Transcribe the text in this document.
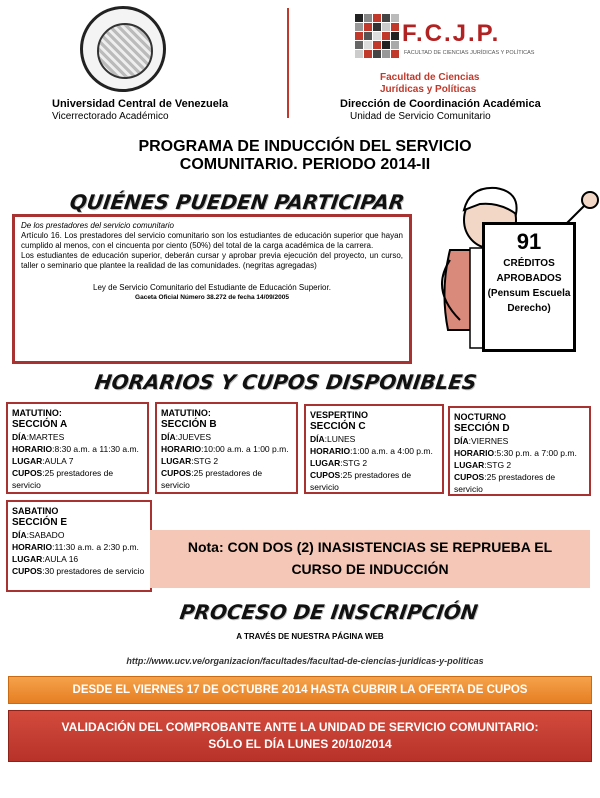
Universidad Central de Venezuela
Vicerrectorado Académico
F.C.J.P.
FACULTAD DE CIENCIAS JURÍDICAS Y POLÍTICAS
Facultad de Ciencias
Jurídicas y Políticas
Dirección de Coordinación Académica
Unidad de Servicio Comunitario
PROGRAMA DE INDUCCIÓN DEL SERVICIO
COMUNITARIO. PERIODO 2014-II
QUIÉNES PUEDEN PARTICIPAR

De los prestadores del servicio comunitario

Artículo 16. Los prestadores del servicio comunitario son los estudiantes de educación superior que hayan cumplido al menos, con el cincuenta por ciento (50%) del total de la carga académica de la carrera.

Los estudiantes de educación superior, deberán cursar y aprobar previa ejecución del proyecto, un curso, taller o seminario que plantee la realidad de las comunidades. (negritas agregadas)

Ley de Servicio Comunitario del Estudiante de Educación Superior.

Gaceta Oficial Número 38.272 de fecha 14/09/2005

91
CRÉDITOS
APROBADOS
(Pensum Escuela
Derecho)
HORARIOS Y CUPOS DISPONIBLES
MATUTINO:
SECCIÓN A
DÍA:MARTES
HORARIO:8:30 a.m. a 11:30 a.m.
LUGAR:AULA 7
CUPOS:25 prestadores de servicio
MATUTINO:
SECCIÓN B
DÍA:JUEVES
HORARIO:10:00 a.m. a 1:00 p.m.
LUGAR:STG 2
CUPOS:25 prestadores de servicio
VESPERTINO
SECCIÓN C
DÍA:LUNES
HORARIO:1:00 a.m. a 4:00 p.m.
LUGAR:STG 2
CUPOS:25 prestadores de servicio
NOCTURNO
SECCIÓN D
DÍA:VIERNES
HORARIO:5:30 p.m. a 7:00 p.m.
LUGAR:STG 2
CUPOS:25 prestadores de servicio
SABATINO
SECCIÓN E
DÍA:SABADO
HORARIO:11:30 a.m. a 2:30 p.m.
LUGAR:AULA 16
CUPOS:30 prestadores de servicio
Nota: CON DOS (2) INASISTENCIAS SE REPRUEBA EL
CURSO DE INDUCCIÓN
PROCESO DE INSCRIPCIÓN
A TRAVÉS DE NUESTRA PÁGINA WEB
http://www.ucv.ve/organizacion/facultades/facultad-de-ciencias-juridicas-y-politicas
DESDE EL VIERNES 17 DE OCTUBRE 2014 HASTA CUBRIR LA OFERTA DE CUPOS
VALIDACIÓN DEL COMPROBANTE ANTE LA UNIDAD DE SERVICIO COMUNITARIO:
SÓLO EL DÍA LUNES 20/10/2014
